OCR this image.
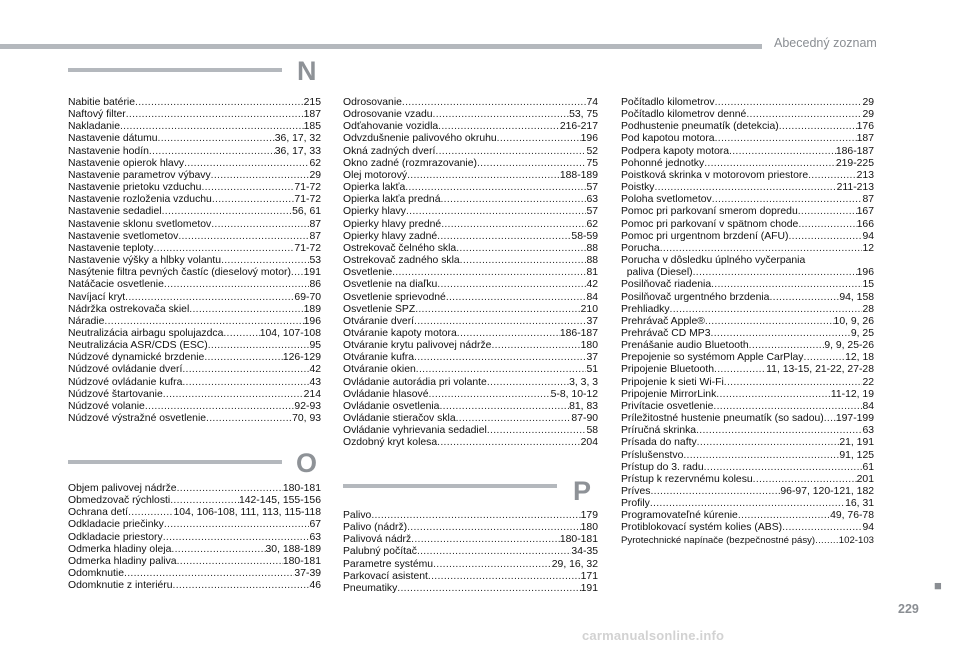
Abecedný zoznam
N
Nabitie batérie .....	215
Naftový filter .....	187
Nakladanie .....	185
Nastavenie dátumu .....	36, 17, 32
Nastavenie hodín .....	36, 17, 33
Nastavenie opierok hlavy .....	62
Nastavenie parametrov výbavy .....	29
Nastavenie prietoku vzduchu .....	71-72
Nastavenie rozloženia vzduchu .....	71-72
Nastavenie sedadiel .....	56, 61
Nastavenie sklonu svetlometov .....	87
Nastavenie svetlometov .....	87
Nastavenie teploty .....	71-72
Nastavenie výšky a hĺbky volantu .....	53
Nasýtenie filtra pevných častíc (dieselový motor) ..... 191
Natáčacie osvetlenie .....	86
Navíjací kryt .....	69-70
Nádržka ostrekovača skiel .....	189
Náradie .....	196
Neutralizácia airbagu spolujazdca .....	104, 107-108
Neutralizácia ASR/CDS (ESC) .....	95
Núdzové dynamické brzdenie .....	126-129
Núdzové ovládanie dverí .....	42
Núdzové ovládanie kufra .....	43
Núdzové štartovanie .....	214
Núdzové volanie .....	92-93
Núdzové výstražné osvetlenie .....	70, 93
O
Objem palivovej nádrže .....	180-181
Obmedzovač rýchlosti .....	142-145, 155-156
Ochrana detí .....	104, 106-108, 111, 113, 115-118
Odkladacie priečinky .....	67
Odkladacie priestory .....	63
Odmerka hladiny oleja .....	30, 188-189
Odmerka hladiny paliva .....	180-181
Odomknutie .....	37-39
Odomknutie z interiéru .....	46
Odrosovanie .....	74
Odrosovanie vzadu .....	53, 75
Odťahovanie vozidla .....	216-217
Odvzdušnenie palivového okruhu .....	196
Okná zadných dverí .....	52
Okno zadné (rozmrazovanie) .....	75
Olej motorový .....	188-189
Opierka lakťa .....	57
Opierka lakťa predná .....	63
Opierky hlavy .....	57
Opierky hlavy predné .....	62
Opierky hlavy zadné .....	58-59
Ostrekovač čelného skla .....	88
Ostrekovač zadného skla .....	88
Osvetlenie .....	81
Osvetlenie na diaľku .....	42
Osvetlenie sprievodné .....	84
Osvetlenie ŠPZ .....	210
Otváranie dverí .....	37
Otváranie kapoty motora .....	186-187
Otváranie krytu palivovej nádrže .....	180
Otváranie kufra .....	37
Otváranie okien .....	51
Ovládanie autorádia pri volante .....	3, 3, 3
Ovládanie hlasové .....	5-8, 10-12
Ovládanie osvetlenia .....	81, 83
Ovládanie stieračov skla .....	87-90
Ovládanie vyhrievania sedadiel .....	58
Ozdobný kryt kolesa .....	204
P
Palivo .....	179
Palivo (nádrž) .....	180
Palivová nádrž .....	180-181
Palubný počítač .....	34-35
Parametre systému .....	29, 16, 32
Parkovací asistent .....	171
Pneumatiky .....	191
Počítadlo kilometrov .....	29
Počítadlo kilometrov denné .....	29
Podhustenie pneumatík (detekcia) .....	176
Pod kapotou motora .....	187
Podpera kapoty motora .....	186-187
Pohonné jednotky .....	219-225
Poistková skrinka v motorovom priestore .....	213
Poistky .....	211-213
Poloha svetlometov .....	87
Pomoc pri parkovaní smerom dopredu .....	167
Pomoc pri parkovaní v spätnom chode .....	166
Pomoc pri urgentnom brzdení (AFU) .....	94
Porucha .....	12
Porucha v dôsledku úplného vyčerpania
paliva (Diesel) .....	196
Posilňovač riadenia .....	15
Posilňovač urgentného brzdenia .....	94, 158
Prehliadky .....	28
Prehrávač Apple® .....	10, 9, 26
Prehrávač CD MP3 .....	9, 25
Prenášanie audio Bluetooth .....	9, 9, 25-26
Prepojenie so systémom Apple CarPlay .....	12, 18
Pripojenie Bluetooth .....	11, 13-15, 21-22, 27-28
Pripojenie k sieti Wi-Fi .....	22
Pripojenie MirrorLink .....	11-12, 19
Privítacie osvetlenie .....	84
Príležitostné hustenie pneumatík (so sadou) ..... 197-199
Príručná skrinka .....	63
Prísada do nafty .....	21, 191
Príslušenstvo .....	91, 125
Prístup do 3. radu .....	61
Prístup k rezervnému kolesu .....	201
Príves .....	96-97, 120-121, 182
Profily .....	16, 31
Programovateľné kúrenie .....	49, 76-78
Protiblokovací systém kolies (ABS) .....	94
Pyrotechnické napínače (bezpečnostné pásy) ..... 102-103
■
229
carmanualsonline.info
